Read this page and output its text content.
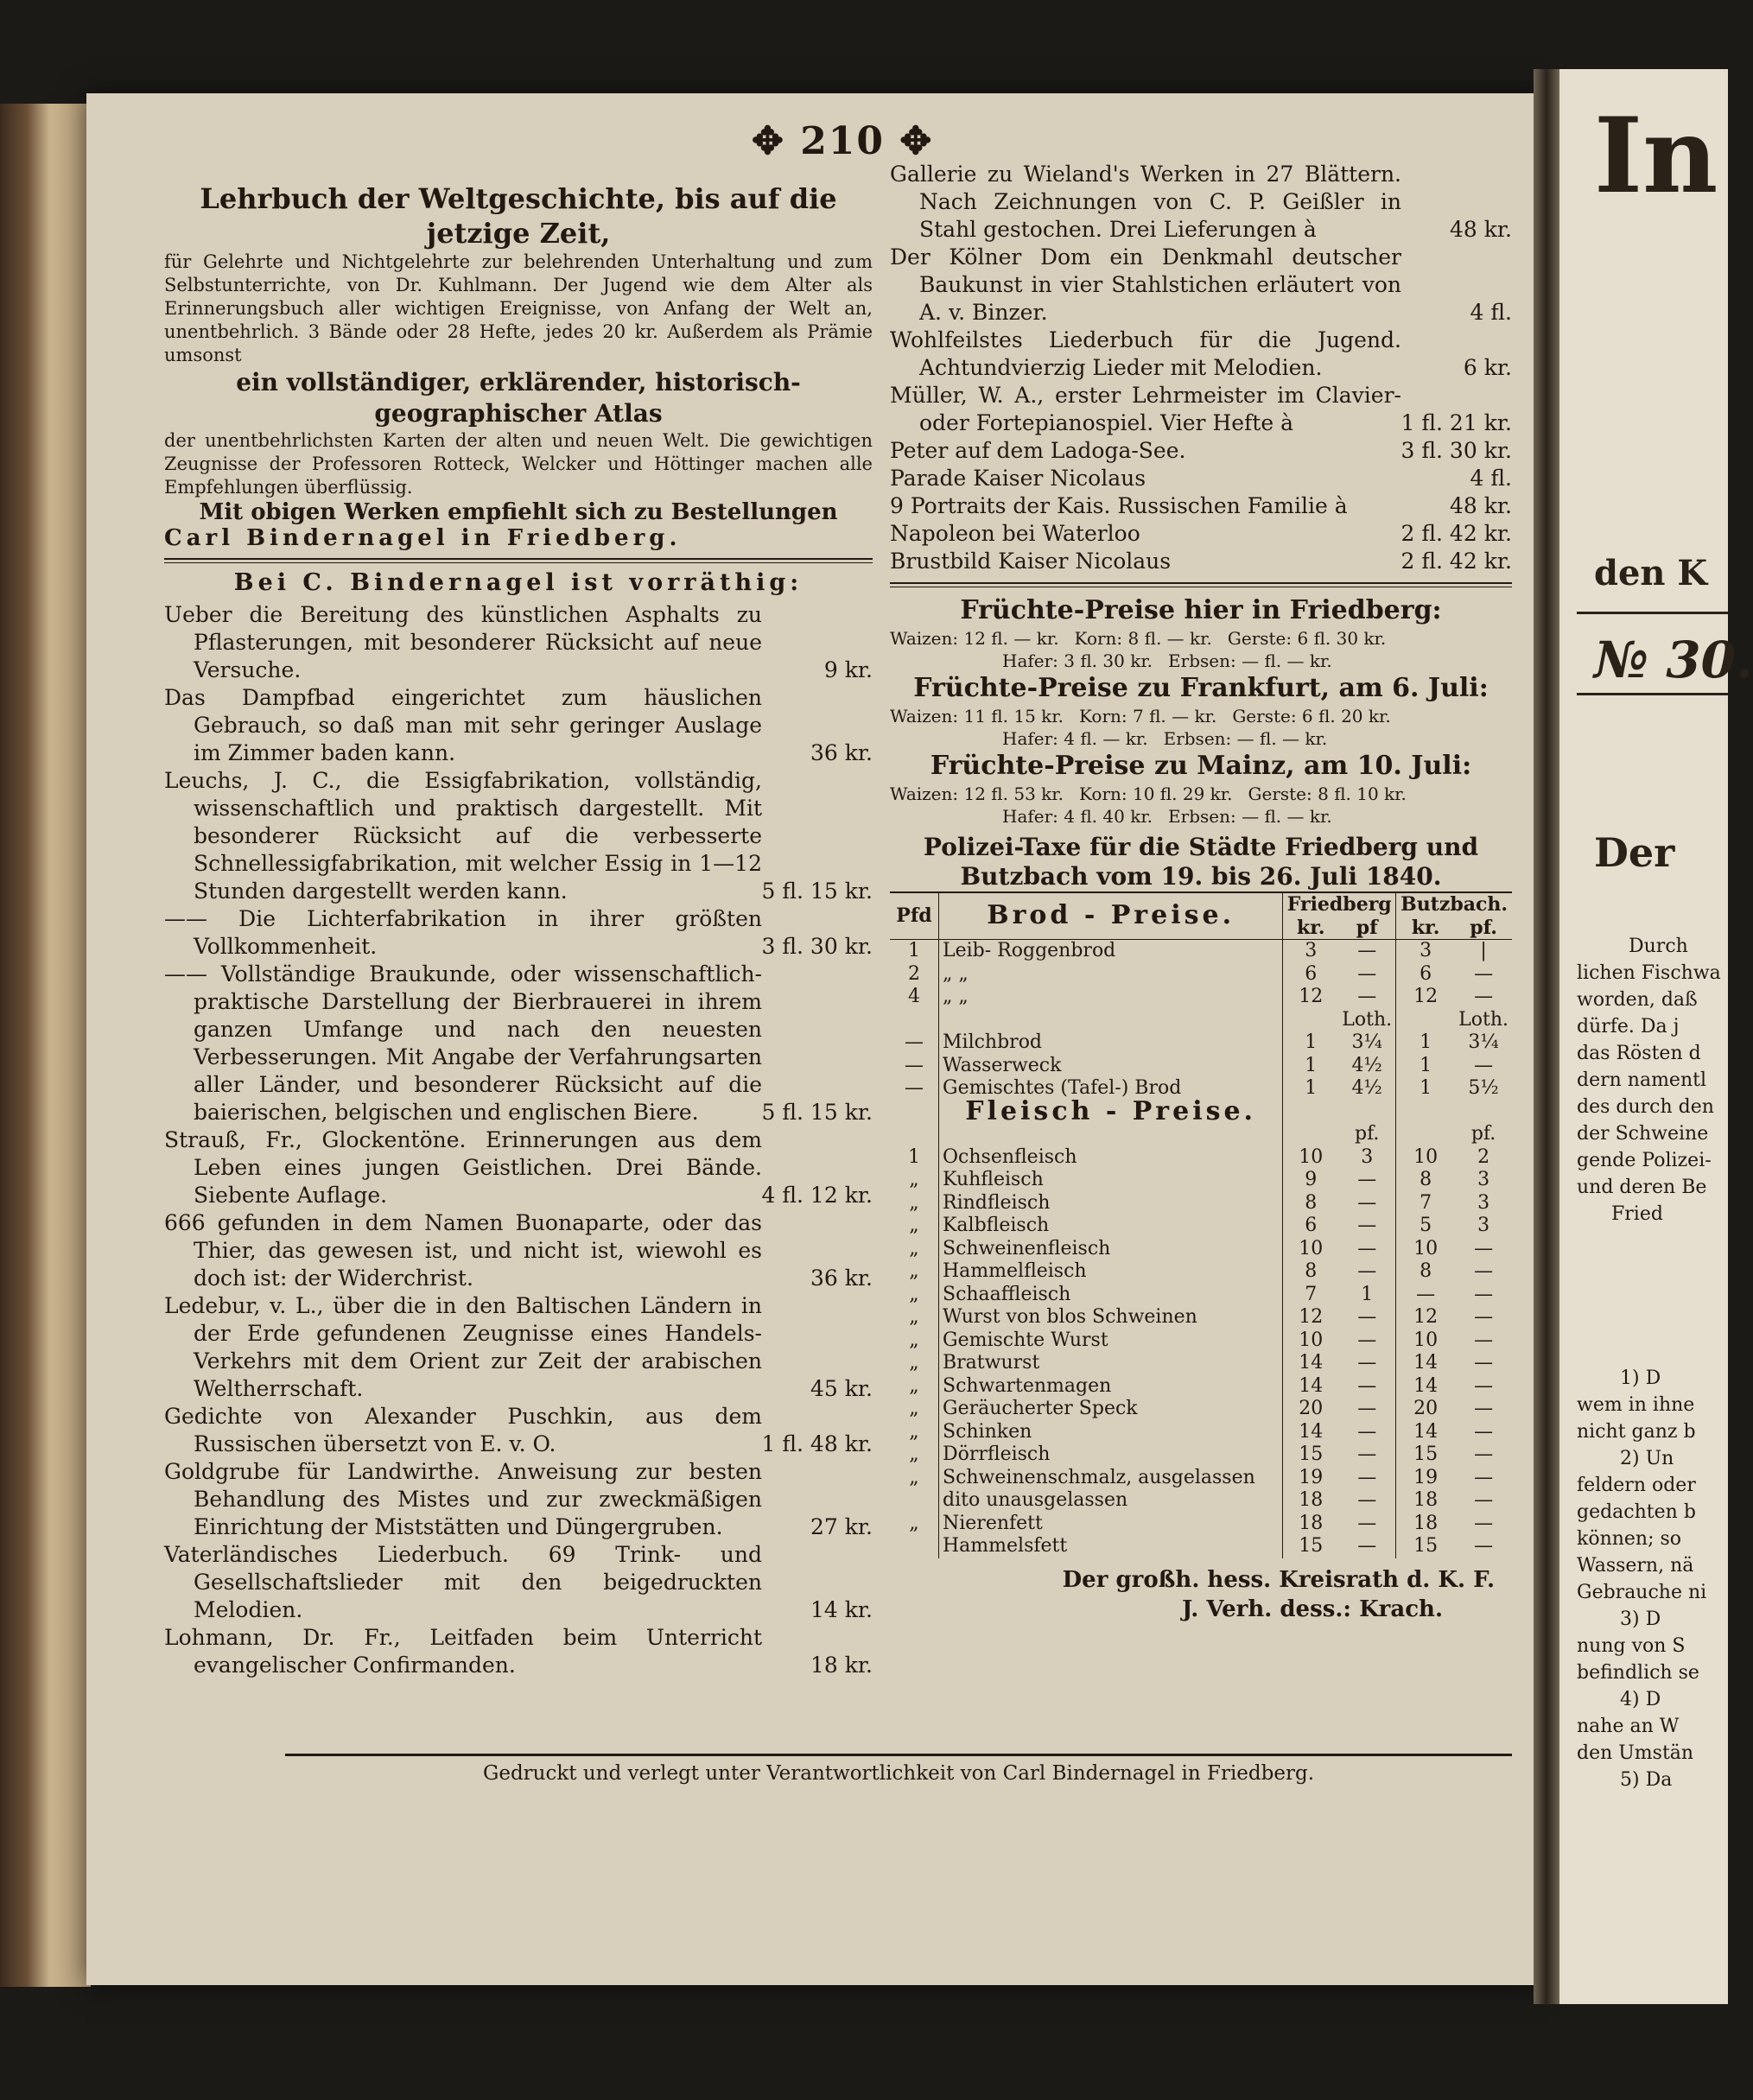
✥ 210 ✥
Lehrbuch der Weltgeschichte, bis auf die jetzige Zeit,
für Gelehrte und Nichtgelehrte zur belehrenden Unterhaltung und zum Selbstunterrichte, von Dr. Kuhlmann. Der Jugend wie dem Alter als Erinnerungsbuch aller wichtigen Ereignisse, von Anfang der Welt an, unentbehrlich. 3 Bände oder 28 Hefte, jedes 20 kr. Außerdem als Prämie umsonst
ein vollständiger, erklärender, historisch-geographischer Atlas
der unentbehrlichsten Karten der alten und neuen Welt. Die gewichtigen Zeugnisse der Professoren Rotteck, Welcker und Höttinger machen alle Empfehlungen überflüssig.
Mit obigen Werken empfiehlt sich zu Bestellungen
Carl Bindernagel in Friedberg.
Bei C. Bindernagel ist vorräthig:
Ueber die Bereitung des künstlichen Asphalts zu Pflasterungen, mit besonderer Rücksicht auf neue Versuche.	9 kr.
Das Dampfbad eingerichtet zum häuslichen Gebrauch, so daß man mit sehr geringer Auslage im Zimmer baden kann.	36 kr.
Leuchs, J. C., die Essigfabrikation, vollständig, wissenschaftlich und praktisch dargestellt. Mit besonderer Rücksicht auf die verbesserte Schnellessigfabrikation, mit welcher Essig in 1—12 Stunden dargestellt werden kann.	5 fl. 15 kr.
—— Die Lichterfabrikation in ihrer größten Vollkommenheit.	3 fl. 30 kr.
—— Vollständige Braukunde, oder wissenschaftlich-praktische Darstellung der Bierbrauerei in ihrem ganzen Umfange und nach den neuesten Verbesserungen. Mit Angabe der Verfahrungsarten aller Länder, und besonderer Rücksicht auf die baierischen, belgischen und englischen Biere.	5 fl. 15 kr.
Strauß, Fr., Glockentöne. Erinnerungen aus dem Leben eines jungen Geistlichen. Drei Bände. Siebente Auflage.	4 fl. 12 kr.
666 gefunden in dem Namen Buonaparte, oder das Thier, das gewesen ist, und nicht ist, wiewohl es doch ist: der Widerchrist.	36 kr.
Ledebur, v. L., über die in den Baltischen Ländern in der Erde gefundenen Zeugnisse eines Handels-Verkehrs mit dem Orient zur Zeit der arabischen Weltherrschaft.	45 kr.
Gedichte von Alexander Puschkin, aus dem Russischen übersetzt von E. v. O.	1 fl. 48 kr.
Goldgrube für Landwirthe. Anweisung zur besten Behandlung des Mistes und zur zweckmäßigen Einrichtung der Miststätten und Düngergruben.	27 kr.
Vaterländisches Liederbuch. 69 Trink- und Gesellschaftslieder mit den beigedruckten Melodien.	14 kr.
Lohmann, Dr. Fr., Leitfaden beim Unterricht evangelischer Confirmanden.	18 kr.
Gallerie zu Wieland's Werken in 27 Blättern. Nach Zeichnungen von C. P. Geißler in Stahl gestochen. Drei Lieferungen à	48 kr.
Der Kölner Dom ein Denkmahl deutscher Baukunst in vier Stahlstichen erläutert von A. v. Binzer.	4 fl.
Wohlfeilstes Liederbuch für die Jugend. Achtundvierzig Lieder mit Melodien.	6 kr.
Müller, W. A., erster Lehrmeister im Clavier- oder Fortepianospiel. Vier Hefte à	1 fl. 21 kr.
Peter auf dem Ladoga-See.	3 fl. 30 kr.
Parade Kaiser Nicolaus	4 fl.
9 Portraits der Kais. Russischen Familie à	48 kr.
Napoleon bei Waterloo	2 fl. 42 kr.
Brustbild Kaiser Nicolaus	2 fl. 42 kr.
Früchte-Preise hier in Friedberg:
Waizen: 12 fl. — kr. Korn: 8 fl. — kr. Gerste: 6 fl. 30 kr.
Hafer: 3 fl. 30 kr. Erbsen: — fl. — kr.
Früchte-Preise zu Frankfurt, am 6. Juli:
Waizen: 11 fl. 15 kr. Korn: 7 fl. — kr. Gerste: 6 fl. 20 kr.
Hafer: 4 fl. — kr. Erbsen: — fl. — kr.
Früchte-Preise zu Mainz, am 10. Juli:
Waizen: 12 fl. 53 kr. Korn: 10 fl. 29 kr. Gerste: 8 fl. 10 kr.
Hafer: 4 fl. 40 kr. Erbsen: — fl. — kr.
Polizei-Taxe für die Städte Friedberg und Butzbach vom 19. bis 26. Juli 1840.
Pfd	Brod - Preise.	Friedberg		Butzbach.	
		kr.	pf	kr.	pf.
1	Leib- Roggenbrod	3	—	3	|
2	„ „	6	—	6	—
4	„ „	12	—	12	—
			Loth.		Loth.
—	Milchbrod	1	3¼	1	3¼
—	Wasserweck	1	4½	1	—
—	Gemischtes (Tafel-) Brod	1	4½	1	5½
	Fleisch - Preise.				
			pf.		pf.
1	Ochsenfleisch	10	3	10	2
„	Kuhfleisch	9	—	8	3
„	Rindfleisch	8	—	7	3
„	Kalbfleisch	6	—	5	3
„	Schweinenfleisch	10	—	10	—
„	Hammelfleisch	8	—	8	—
„	Schaaffleisch	7	1	—	—
„	Wurst von blos Schweinen	12	—	12	—
„	Gemischte Wurst	10	—	10	—
„	Bratwurst	14	—	14	—
„	Schwartenmagen	14	—	14	—
„	Geräucherter Speck	20	—	20	—
„	Schinken	14	—	14	—
„	Dörrfleisch	15	—	15	—
„	Schweinenschmalz, ausgelassen	19	—	19	—
	dito unausgelassen	18	—	18	—
„	Nierenfett	18	—	18	—
	Hammelsfett	15	—	15	—
Der großh. hess. Kreisrath d. K. F.
J. Verh. dess.: Krach.
Gedruckt und verlegt unter Verantwortlichkeit von Carl Bindernagel in Friedberg.
In
den K
№ 30.
Der
Durch
lichen Fischwa
worden, daß
dürfe. Da j
das Rösten d
dern namentl
des durch den
der Schweine
gende Polizei-
und deren Be
Fried
1) D
wem in ihne
nicht ganz b
2) Un
feldern oder
gedachten b
können; so
Wassern, nä
Gebrauche ni
3) D
nung von S
befindlich se
4) D
nahe an W
den Umstän
5) Da
